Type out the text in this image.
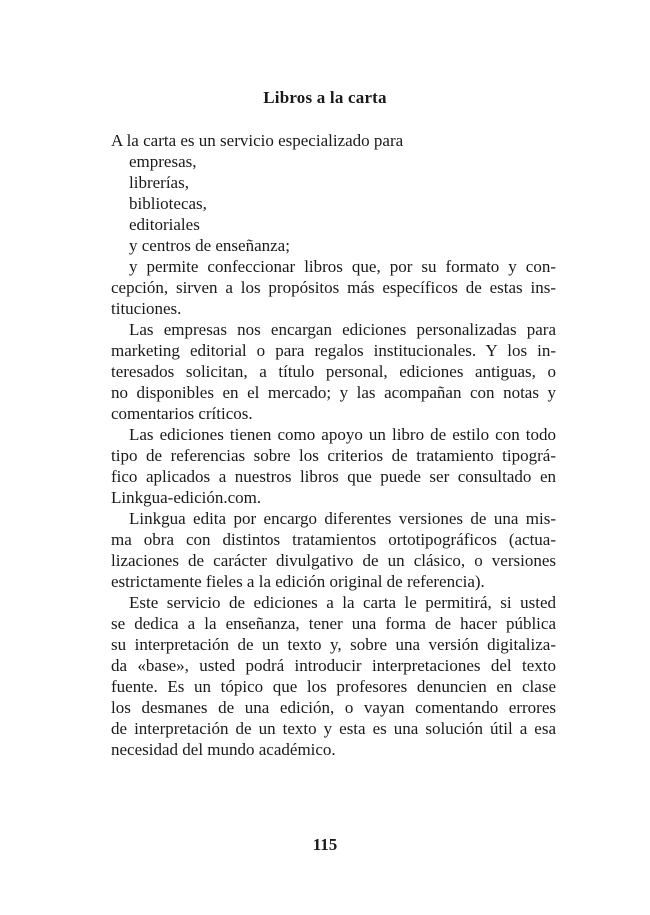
Libros a la carta
A la carta es un servicio especializado para
empresas,
librerías,
bibliotecas,
editoriales
y centros de enseñanza;
y permite confeccionar libros que, por su formato y con-
cepción, sirven a los propósitos más específicos de estas ins-
tituciones.
Las empresas nos encargan ediciones personalizadas para
marketing editorial o para regalos institucionales. Y los in-
teresados solicitan, a título personal, ediciones antiguas, o
no disponibles en el mercado; y las acompañan con notas y
comentarios críticos.
Las ediciones tienen como apoyo un libro de estilo con todo
tipo de referencias sobre los criterios de tratamiento tipográ-
fico aplicados a nuestros libros que puede ser consultado en
Linkgua-edición.com.
Linkgua edita por encargo diferentes versiones de una mis-
ma obra con distintos tratamientos ortotipográficos (actua-
lizaciones de carácter divulgativo de un clásico, o versiones
estrictamente fieles a la edición original de referencia).
Este servicio de ediciones a la carta le permitirá, si usted
se dedica a la enseñanza, tener una forma de hacer pública
su interpretación de un texto y, sobre una versión digitaliza-
da «base», usted podrá introducir interpretaciones del texto
fuente. Es un tópico que los profesores denuncien en clase
los desmanes de una edición, o vayan comentando errores
de interpretación de un texto y esta es una solución útil a esa
necesidad del mundo académico.
115
